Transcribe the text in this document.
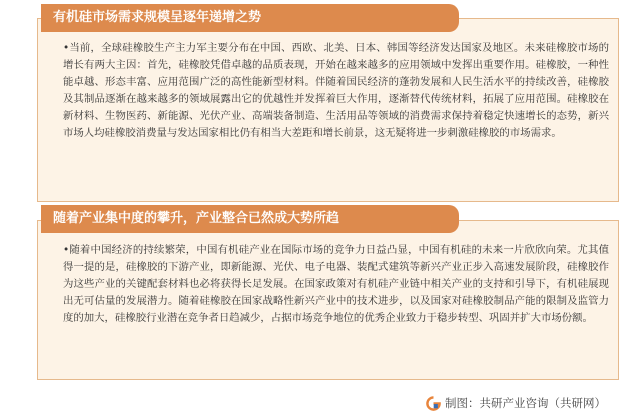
有机硅市场需求规模呈逐年递增之势
•当前，全球硅橡胶生产主力军主要分布在中国、西欧、北美、日本、韩国等经济发达国家及地区。未来硅橡胶市场的增长有两大主因：首先，硅橡胶凭借卓越的品质表现，开始在越来越多的应用领域中发挥出重要作用。硅橡胶，一种性能卓越、形态丰富、应用范围广泛的高性能新型材料。伴随着国民经济的蓬勃发展和人民生活水平的持续改善，硅橡胶及其制品逐渐在越来越多的领域展露出它的优越性并发挥着巨大作用，逐渐替代传统材料，拓展了应用范围。硅橡胶在新材料、生物医药、新能源、光伏产业、高端装备制造、生活用品等领域的消费需求保持着稳定快速增长的态势，新兴市场人均硅橡胶消费量与发达国家相比仍有相当大差距和增长前景，这无疑将进一步刺激硅橡胶的市场需求。
随着产业集中度的攀升，产业整合已然成大势所趋
•随着中国经济的持续繁荣，中国有机硅产业在国际市场的竞争力日益凸显，中国有机硅的未来一片欣欣向荣。尤其值得一提的是，硅橡胶的下游产业，即新能源、光伏、电子电器、装配式建筑等新兴产业正步入高速发展阶段，硅橡胶作为这些产业的关键配套材料也必将获得长足发展。在国家政策对有机硅产业链中相关产业的支持和引导下，有机硅展现出无可估量的发展潜力。随着硅橡胶在国家战略性新兴产业中的技术进步，以及国家对硅橡胶制品产能的限制及监管力度的加大，硅橡胶行业潜在竞争者日趋减少，占据市场竞争地位的优秀企业致力于稳步转型、巩固并扩大市场份额。
制图：共研产业咨询（共研网）
